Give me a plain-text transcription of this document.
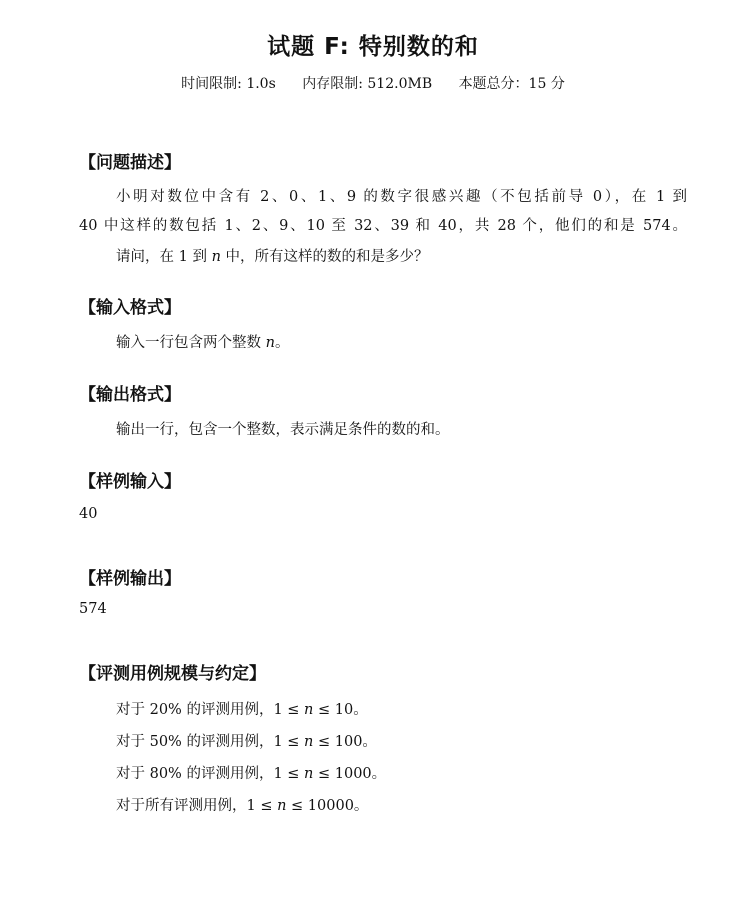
试题 F: 特别数的和
时间限制: 1.0s 内存限制: 512.0MB 本题总分：15 分
【问题描述】
小明对数位中含有 2、0、1、9 的数字很感兴趣（不包括前导 0），在 1 到
40 中这样的数包括 1、2、9、10 至 32、39 和 40，共 28 个，他们的和是 574。
请问，在 1 到 n 中，所有这样的数的和是多少？
【输入格式】
输入一行包含两个整数 n。
【输出格式】
输出一行，包含一个整数，表示满足条件的数的和。
【样例输入】
40
【样例输出】
574
【评测用例规模与约定】
对于 20% 的评测用例，1 ≤ n ≤ 10。
对于 50% 的评测用例，1 ≤ n ≤ 100。
对于 80% 的评测用例，1 ≤ n ≤ 1000。
对于所有评测用例，1 ≤ n ≤ 10000。
